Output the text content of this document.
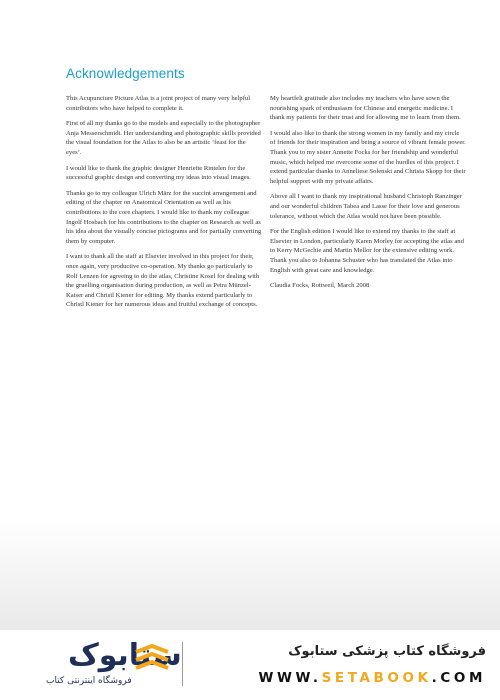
Acknowledgements

This Acupuncture Picture Atlas is a joint project of many very helpful contributors who have helped to complete it.

First of all my thanks go to the models and especially to the photographer Anja Messerschmidt. Her understanding and photographic skills provided the visual foundation for the Atlas to also be an artistic ‘feast for the eyes’.

I would like to thank the graphic designer Henriette Rintelen for the successful graphic design and converting my ideas into visual images.

Thanks go to my colleague Ulrich März for the succint arrangement and editing of the chapter on Anatomical Orientation as well as his contributions to the core chapters. I would like to thank my colleague Ingolf Hosbach for his contributions to the chapter on Research as well as his idea about the visually concise pictograms and for partially converting them by computer.

I want to thank all the staff at Elsevier involved in this project for their, once again, very productive co-operation. My thanks go particularly to Rolf Lenzen for agreeing to do the atlas, Christine Kosel for dealing with the gruelling organisation during production, as well as Petra Münzel-Kaiser and Christl Kiener for editing. My thanks extend particularly to Christl Kiener for her numerous ideas and fruitful exchange of concepts.

My heartfelt gratitude also includes my teachers who have sown the nourishing spark of enthusiasm for Chinese and energetic medicine. I thank my patients for their trust and for allowing me to learn from them.

I would also like to thank the strong women in my family and my circle of friends for their inspiration and being a source of vibrant female power. Thank you to my sister Annette Focks for her friendship and wonderful music, which helped me overcome some of the hurdles of this project. I extend particular thanks to Anneliese Solenski and Christa Skopp for their helpful support with my private affairs.

Above all I want to thank my inspirational husband Christoph Ranzinger and our wonderful children Tabea and Lasse for their love and generous tolerance, without which the Atlas would not have been possible.

For the English edition I would like to extend my thanks to the staff at Elsevier in London, particularly Karen Morley for accepting the atlas and to Kerry McGechie and Martin Mellor for the extensive editing work. Thank you also to Johanna Schuster who has translated the Atlas into English with great care and knowledge.

Claudia Focks, Rottweil, March 2008

ستابوک
فروشگاه اینترنتی کتاب
فروشگاه کتاب پزشکی ستابوک
WWW.SETABOOK.COM
